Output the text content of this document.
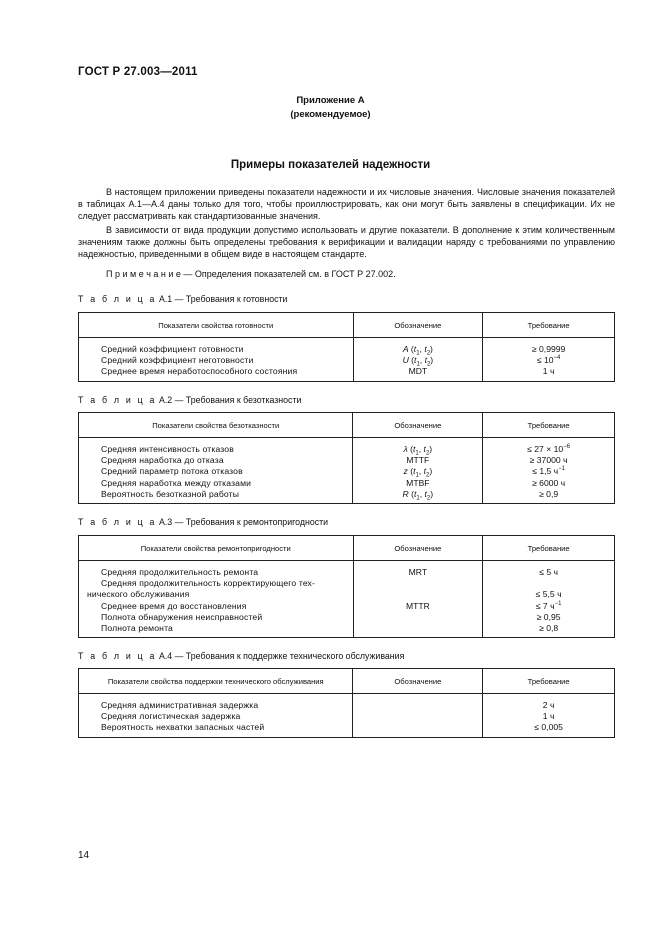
ГОСТ Р 27.003—2011
Приложение А
(рекомендуемое)
Примеры показателей надежности
В настоящем приложении приведены показатели надежности и их числовые значения. Числовые значения показателей в таблицах А.1—А.4 даны только для того, чтобы проиллюстрировать, как они могут быть заявлены в спецификации. Их не следует рассматривать как стандартизованные значения.
В зависимости от вида продукции допустимо использовать и другие показатели. В дополнение к этим количественным значениям также должны быть определены требования к верификации и валидации наряду с требованиями по управлению надежностью, приведенными в общем виде в настоящем стандарте.
П р и м е ч а н и е — Определения показателей см. в ГОСТ Р 27.002.
Т а б л и ц а А.1 — Требования к готовности
Показатели свойства готовности	Обозначение	Требование

Средний коэффициент готовности	A ($t_1$, $t_2$)	≥ 0,9999
Средний коэффициент неготовности	U ($t_1$, $t_2$)	≤ $10^{-4}$
Среднее время неработоспособного состояния	MDT	1 ч
Т а б л и ц а А.2 — Требования к безотказности
Показатели свойства безотказности	Обозначение	Требование

Средняя интенсивность отказов	λ ($t_1$, $t_2$)	≤ $27 \times 10^{-6}$
Средняя наработка до отказа	MTTF	≥ 37000 ч
Средний параметр потока отказов	z ($t_1$, $t_2$)	≤ 1,5 $ч^{-1}$
Средняя наработка между отказами	MTBF	≥ 6000 ч
Вероятность безотказной работы	R ($t_1$, $t_2$)	≥ 0,9
Т а б л и ц а А.3 — Требования к ремонтопригодности
Показатели свойства ремонтопригодности	Обозначение	Требование

Средняя продолжительность ремонта	MRT	≤ 5 ч
Средняя продолжительность корректирующего тех-		
нического обслуживания		≤ 5,5 ч
Среднее время до восстановления	MTTR	≤ 7 $ч^{-1}$
Полнота обнаружения неисправностей		≥ 0,95
Полнота ремонта		≥ 0,8
Т а б л и ц а А.4 — Требования к поддержке технического обслуживания
Показатели свойства поддержки технического обслуживания	Обозначение	Требование

Средняя административная задержка		2 ч
Средняя логистическая задержка		1 ч
Вероятность нехватки запасных частей		≤ 0,005
14
